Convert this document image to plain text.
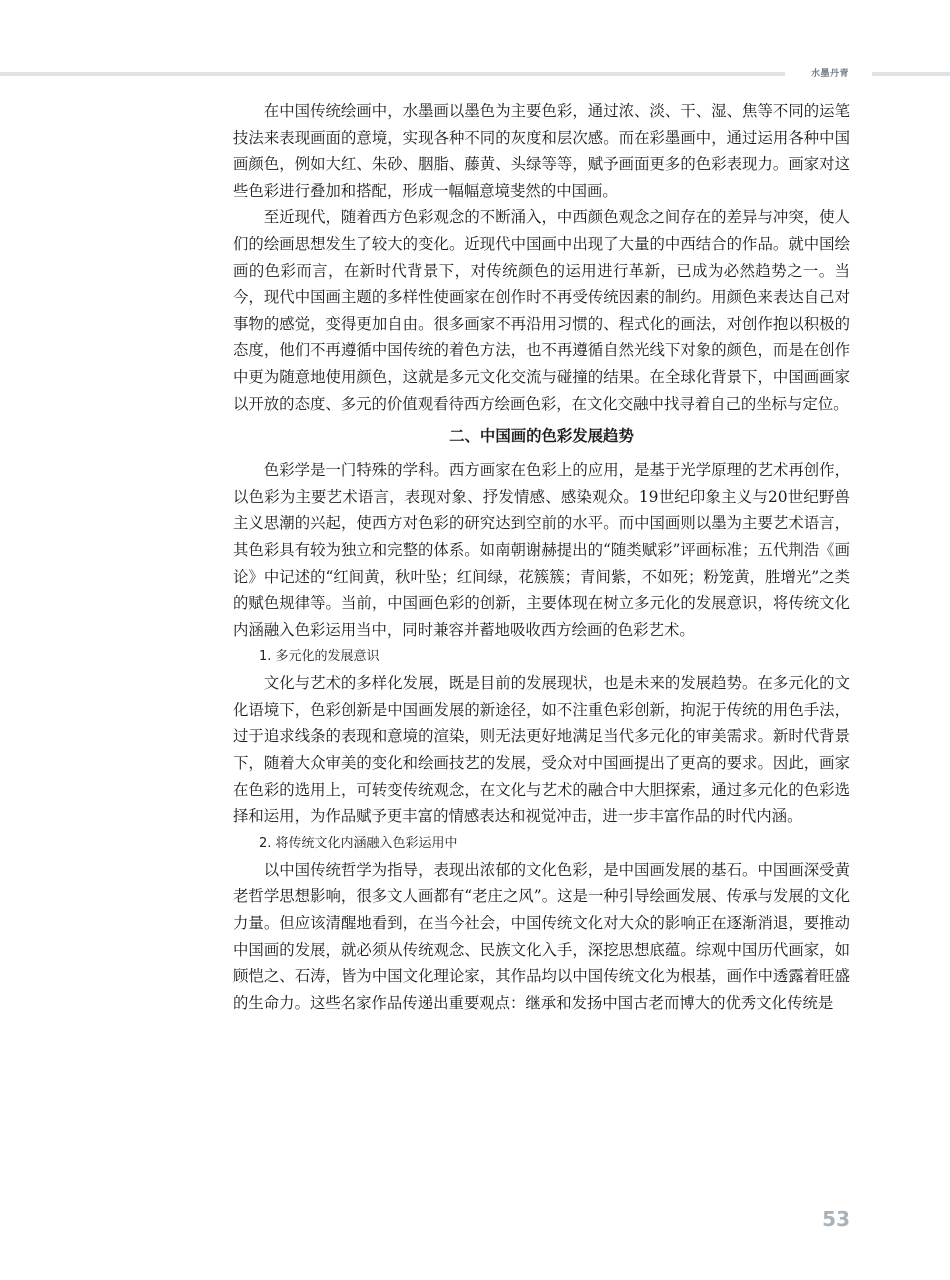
水墨丹青

在中国传统绘画中，水墨画以墨色为主要色彩，通过浓、淡、干、湿、焦等不同的运笔技法来表现画面的意境，实现各种不同的灰度和层次感。而在彩墨画中，通过运用各种中国画颜色，例如大红、朱砂、胭脂、藤黄、头绿等等，赋予画面更多的色彩表现力。画家对这些色彩进行叠加和搭配，形成一幅幅意境斐然的中国画。

至近现代，随着西方色彩观念的不断涌入，中西颜色观念之间存在的差异与冲突，使人们的绘画思想发生了较大的变化。近现代中国画中出现了大量的中西结合的作品。就中国绘画的色彩而言，在新时代背景下，对传统颜色的运用进行革新，已成为必然趋势之一。当今，现代中国画主题的多样性使画家在创作时不再受传统因素的制约。用颜色来表达自己对事物的感觉，变得更加自由。很多画家不再沿用习惯的、程式化的画法，对创作抱以积极的态度，他们不再遵循中国传统的着色方法，也不再遵循自然光线下对象的颜色，而是在创作中更为随意地使用颜色，这就是多元文化交流与碰撞的结果。在全球化背景下，中国画画家以开放的态度、多元的价值观看待西方绘画色彩，在文化交融中找寻着自己的坐标与定位。

二、中国画的色彩发展趋势

色彩学是一门特殊的学科。西方画家在色彩上的应用，是基于光学原理的艺术再创作，以色彩为主要艺术语言，表现对象、抒发情感、感染观众。19世纪印象主义与20世纪野兽主义思潮的兴起，使西方对色彩的研究达到空前的水平。而中国画则以墨为主要艺术语言，其色彩具有较为独立和完整的体系。如南朝谢赫提出的“随类赋彩”评画标准；五代荆浩《画论》中记述的“红间黄，秋叶坠；红间绿，花簇簇；青间紫，不如死；粉笼黄，胜增光”之类的赋色规律等。当前，中国画色彩的创新，主要体现在树立多元化的发展意识，将传统文化内涵融入色彩运用当中，同时兼容并蓄地吸收西方绘画的色彩艺术。

1. 多元化的发展意识

文化与艺术的多样化发展，既是目前的发展现状，也是未来的发展趋势。在多元化的文化语境下，色彩创新是中国画发展的新途径，如不注重色彩创新，拘泥于传统的用色手法，过于追求线条的表现和意境的渲染，则无法更好地满足当代多元化的审美需求。新时代背景下，随着大众审美的变化和绘画技艺的发展，受众对中国画提出了更高的要求。因此，画家在色彩的选用上，可转变传统观念，在文化与艺术的融合中大胆探索，通过多元化的色彩选择和运用，为作品赋予更丰富的情感表达和视觉冲击，进一步丰富作品的时代内涵。

2. 将传统文化内涵融入色彩运用中

以中国传统哲学为指导，表现出浓郁的文化色彩，是中国画发展的基石。中国画深受黄老哲学思想影响，很多文人画都有“老庄之风”。这是一种引导绘画发展、传承与发展的文化力量。但应该清醒地看到，在当今社会，中国传统文化对大众的影响正在逐渐消退，要推动中国画的发展，就必须从传统观念、民族文化入手，深挖思想底蕴。综观中国历代画家，如顾恺之、石涛，皆为中国文化理论家，其作品均以中国传统文化为根基，画作中透露着旺盛的生命力。这些名家作品传递出重要观点：继承和发扬中国古老而博大的优秀文化传统是

53
